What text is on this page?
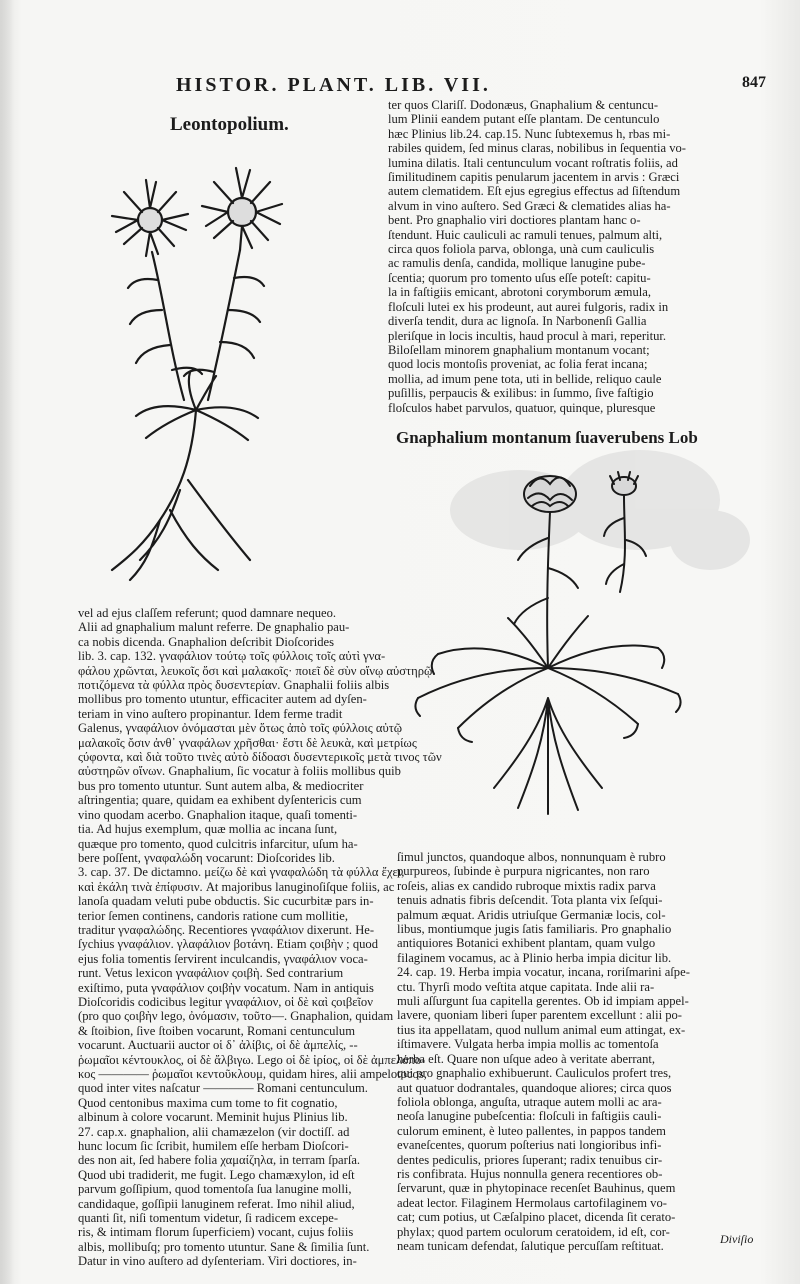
HISTOR. PLANT. LIB. VII.	847
Leontopolium.
ter quos Clariſſ. Dodonæus, Gnaphalium & centuncu-
lum Plinii eandem putant eſſe plantam. De centunculo
hæc Plinius lib.24. cap.15. Nunc ſubtexemus h, rbas mi-
rabiles quidem, ſed minus claras, nobilibus in ſequentia vo-
lumina dilatis. Itali centunculum vocant roſtratis foliis, ad
ſimilitudinem capitis penularum jacentem in arvis : Græci
autem clematidem. Eſt ejus egregius effectus ad ſiſtendum
alvum in vino auſtero. Sed Græci & clematides alias ha-
bent. Pro gnaphalio viri doctiores plantam hanc o-
ſtendunt. Huic cauliculi ac ramuli tenues, palmum alti,
circa quos foliola parva, oblonga, unà cum cauliculis
ac ramulis denſa, candida, mollique lanugine pube-
ſcentia; quorum pro tomento uſus eſſe poteſt: capitu-
la in faſtigiis emicant, abrotoni corymborum æmula,
floſculi lutei ex his prodeunt, aut aurei fulgoris, radix in
diverſa tendit, dura ac lignoſa. In Narbonenſi Gallia
pleriſque in locis incultis, haud procul à mari, reperitur.
Biloſellam minorem gnaphalium montanum vocant;
quod locis montoſis proveniat, ac folia ferat incana;
mollia, ad imum pene tota, uti in bellide, reliquo caule
puſillis, perpaucis & exilibus: in ſummo, ſive faſtigio
floſculos habet parvulos, quatuor, quinque, pluresque
Gnaphalium montanum ſuaverubens Lob
vel ad ejus claſſem referunt; quod damnare nequeo.
Alii ad gnaphalium malunt referre. De gnaphalio pau-
ca nobis dicenda. Gnaphalion deſcribit Dioſcorides
lib. 3. cap. 132. γναφάλιον τούτῳ τοῖς φύλλοις τοῖς αὐτὶ γνα-
φάλου χρῶνται, λευκοῖς ὄσι καὶ μαλακοῖς· ποιεῖ δὲ σὺν οἴνῳ αὐστηρῷ
ποτιζόμενα τὰ φύλλα πρὸς δυσεντερίαν. Gnaphalii foliis albis
mollibus pro tomento utuntur, efficaciter autem ad dyſen-
teriam in vino auſtero propinantur. Idem ferme tradit
Galenus, γναφάλιον ὀνόμασται μὲν ὅτως ἀπὸ τοῖς φύλλοις αὐτῷ
μαλακοῖς ὄσιν ἀνθ᾽ γναφάλων χρῆσθαι· ἔστι δὲ λευκὰ, καὶ μετρίως
ςύφοντα, καὶ διὰ τοῦτο τινὲς αὐτὸ δίδοασι δυσεντερικοῖς μετὰ τινος τῶν
αὐστηρῶν οἴνων. Gnaphalium, ſic vocatur à foliis mollibus quib
bus pro tomento utuntur. Sunt autem alba, & mediocriter
aſtringentia; quare, quidam ea exhibent dyſentericis cum
vino quodam acerbo. Gnaphalion itaque, quaſi tomenti-
tia. Ad hujus exemplum, quæ mollia ac incana ſunt,
quæque pro tomento, quod culcitris infarcitur, uſum ha-
bere poſſent, γναφαλώδη vocarunt: Dioſcorides lib.
3. cap. 37. De dictamno. μείζω δὲ καὶ γναφαλώδη τὰ φύλλα ἔχει,
καὶ ἑκάλη τινὰ ἐπίφυσιν. At majoribus lanuginoſiſque foliis, ac
lanoſa quadam veluti pube obductis. Sic cucurbitæ pars in-
terior ſemen continens, candoris ratione cum mollitie,
traditur γναφαλώδης. Recentiores γναφάλιον dixerunt. He-
ſychius γναφάλιον. γλαφάλιον βοτάνη. Etiam ςοιβὴν ; quod
ejus folia tomentis ſervirent inculcandis, γναφάλιον voca-
runt. Vetus lexicon γναφάλιον ςοιβὴ. Sed contrarium
exiſtimo, puta γναφάλιον ςοιβὴν vocatum. Nam in antiquis
Dioſcoridis codicibus legitur γναφάλιον, οἱ δὲ καὶ ςοιβεῖον
(pro quo ςοιβὴν lego, ὀνόμασιν, τοῦτο—. Gnaphalion, quidam
& ſtoibion, ſive ſtoiben vocarunt, Romani centunculum
vocarunt. Auctuarii auctor οἱ δ᾽ ἀλίβις, οἱ δὲ ἀμπελίς, --
ῥωμαῖοι κέντουκλος, οἱ δὲ ἄλβιγω. Lego οἱ δὲ ἰρίος, οἱ δὲ ἀμπελόπο-
κος ———— ῥωμαῖοι κεντοῦκλουμ, quidam hires, alii ampelotocos,
quod inter vites naſcatur ———— Romani centunculum.
Quod centonibus maxima cum tome to fit cognatio,
albinum à colore vocarunt. Meminit hujus Plinius lib.
27. cap.x. gnaphalion, alii chamæzelon (vir doctiſſ. ad
hunc locum ſic ſcribit, humilem eſſe herbam Dioſcori-
des non ait, ſed habere folia χαμαίζηλα, in terram ſparſa.
Quod ubi tradiderit, me fugit. Lego chamæxylon, id eſt
parvum goſſipium, quod tomentoſa ſua lanugine molli,
candidaque, goſſipii lanuginem referat. Imo nihil aliud,
quanti ſit, niſi tomentum videtur, ſi radicem excepe-
ris, & intimam florum ſuperficiem) vocant, cujus foliis
albis, mollibuſq; pro tomento utuntur. Sane & ſimilia ſunt.
Datur in vino auſtero ad dyſenteriam. Viri doctiores, in-
ſimul junctos, quandoque albos, nonnunquam è rubro
purpureos, ſubinde è purpura nigricantes, non raro
roſeis, alias ex candido rubroque mixtis radix parva
tenuis adnatis fibris deſcendit. Tota planta vix ſeſqui-
palmum æquat. Aridis utriuſque Germaniæ locis, col-
libus, montiumque jugis ſatis familiaris. Pro gnaphalio
antiquiores Botanici exhibent plantam, quam vulgo
filaginem vocamus, ac à Plinio herba impia dicitur lib.
24. cap. 19. Herba impia vocatur, incana, roriſmarini aſpe-
ctu. Thyrſi modo veſtita atque capitata. Inde alii ra-
muli aſſurgunt ſua capitella gerentes. Ob id impiam appel-
lavere, quoniam liberi ſuper parentem excellunt : alii po-
tius ita appellatam, quod nullum animal eum attingat, ex-
iſtimavere. Vulgata herba impia mollis ac tomentoſa
herba eſt. Quare non uſque adeo à veritate aberrant,
qui pro gnaphalio exhibuerunt. Cauliculos profert tres,
aut quatuor dodrantales, quandoque aliores; circa quos
foliola oblonga, anguſta, utraque autem molli ac ara-
neoſa lanugine pubeſcentia: floſculi in faſtigiis cauli-
culorum eminent, è luteo pallentes, in pappos tandem
evaneſcentes, quorum poſterius nati longioribus infi-
dentes pediculis, priores ſuperant; radix tenuibus cir-
ris confibrata. Hujus nonnulla genera recentiores ob-
ſervarunt, quæ in phytopinace recenſet Bauhinus, quem
adeat lector. Filaginem Hermolaus cartofilaginem vo-
cat; cum potius, ut Cæſalpino placet, dicenda ſit cerato-
phylax; quod partem oculorum ceratoidem, id eſt, cor-
neam tunicam defendat, ſalutique percuſſam reſtituat.	Diviſio
